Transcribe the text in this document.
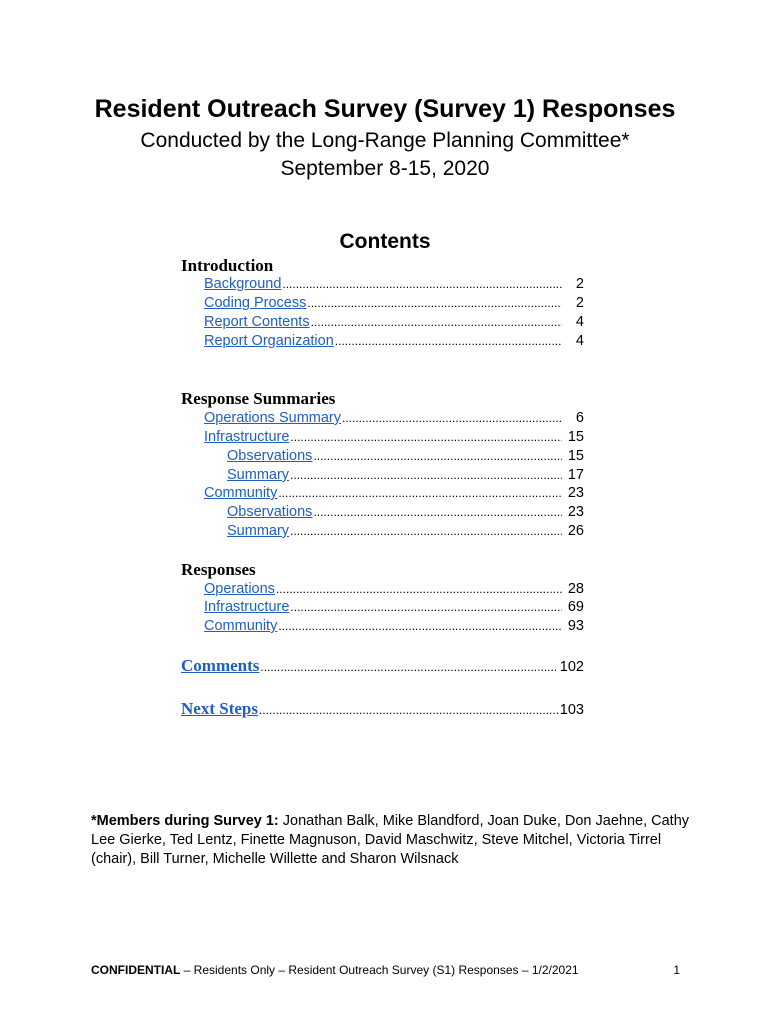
Resident Outreach Survey (Survey 1) Responses
Conducted by the Long-Range Planning Committee*
September 8-15, 2020
Contents
Introduction
Background .....	2
Coding Process .....	2
Report Contents .....	4
Report Organization .....	4
Response Summaries
Operations Summary .....	6
Infrastructure .....	15
Observations .....	15
Summary .....	17
Community .....	23
Observations .....	23
Summary .....	26
Responses
Operations .....	28
Infrastructure .....	69
Community .....	93
Comments .....	102
Next Steps .....	103
*Members during Survey 1: Jonathan Balk, Mike Blandford, Joan Duke, Don Jaehne, Cathy Lee Gierke, Ted Lentz, Finette Magnuson, David Maschwitz, Steve Mitchel, Victoria Tirrel (chair), Bill Turner, Michelle Willette and Sharon Wilsnack
CONFIDENTIAL – Residents Only – Resident Outreach Survey (S1) Responses – 1/2/2021	1
